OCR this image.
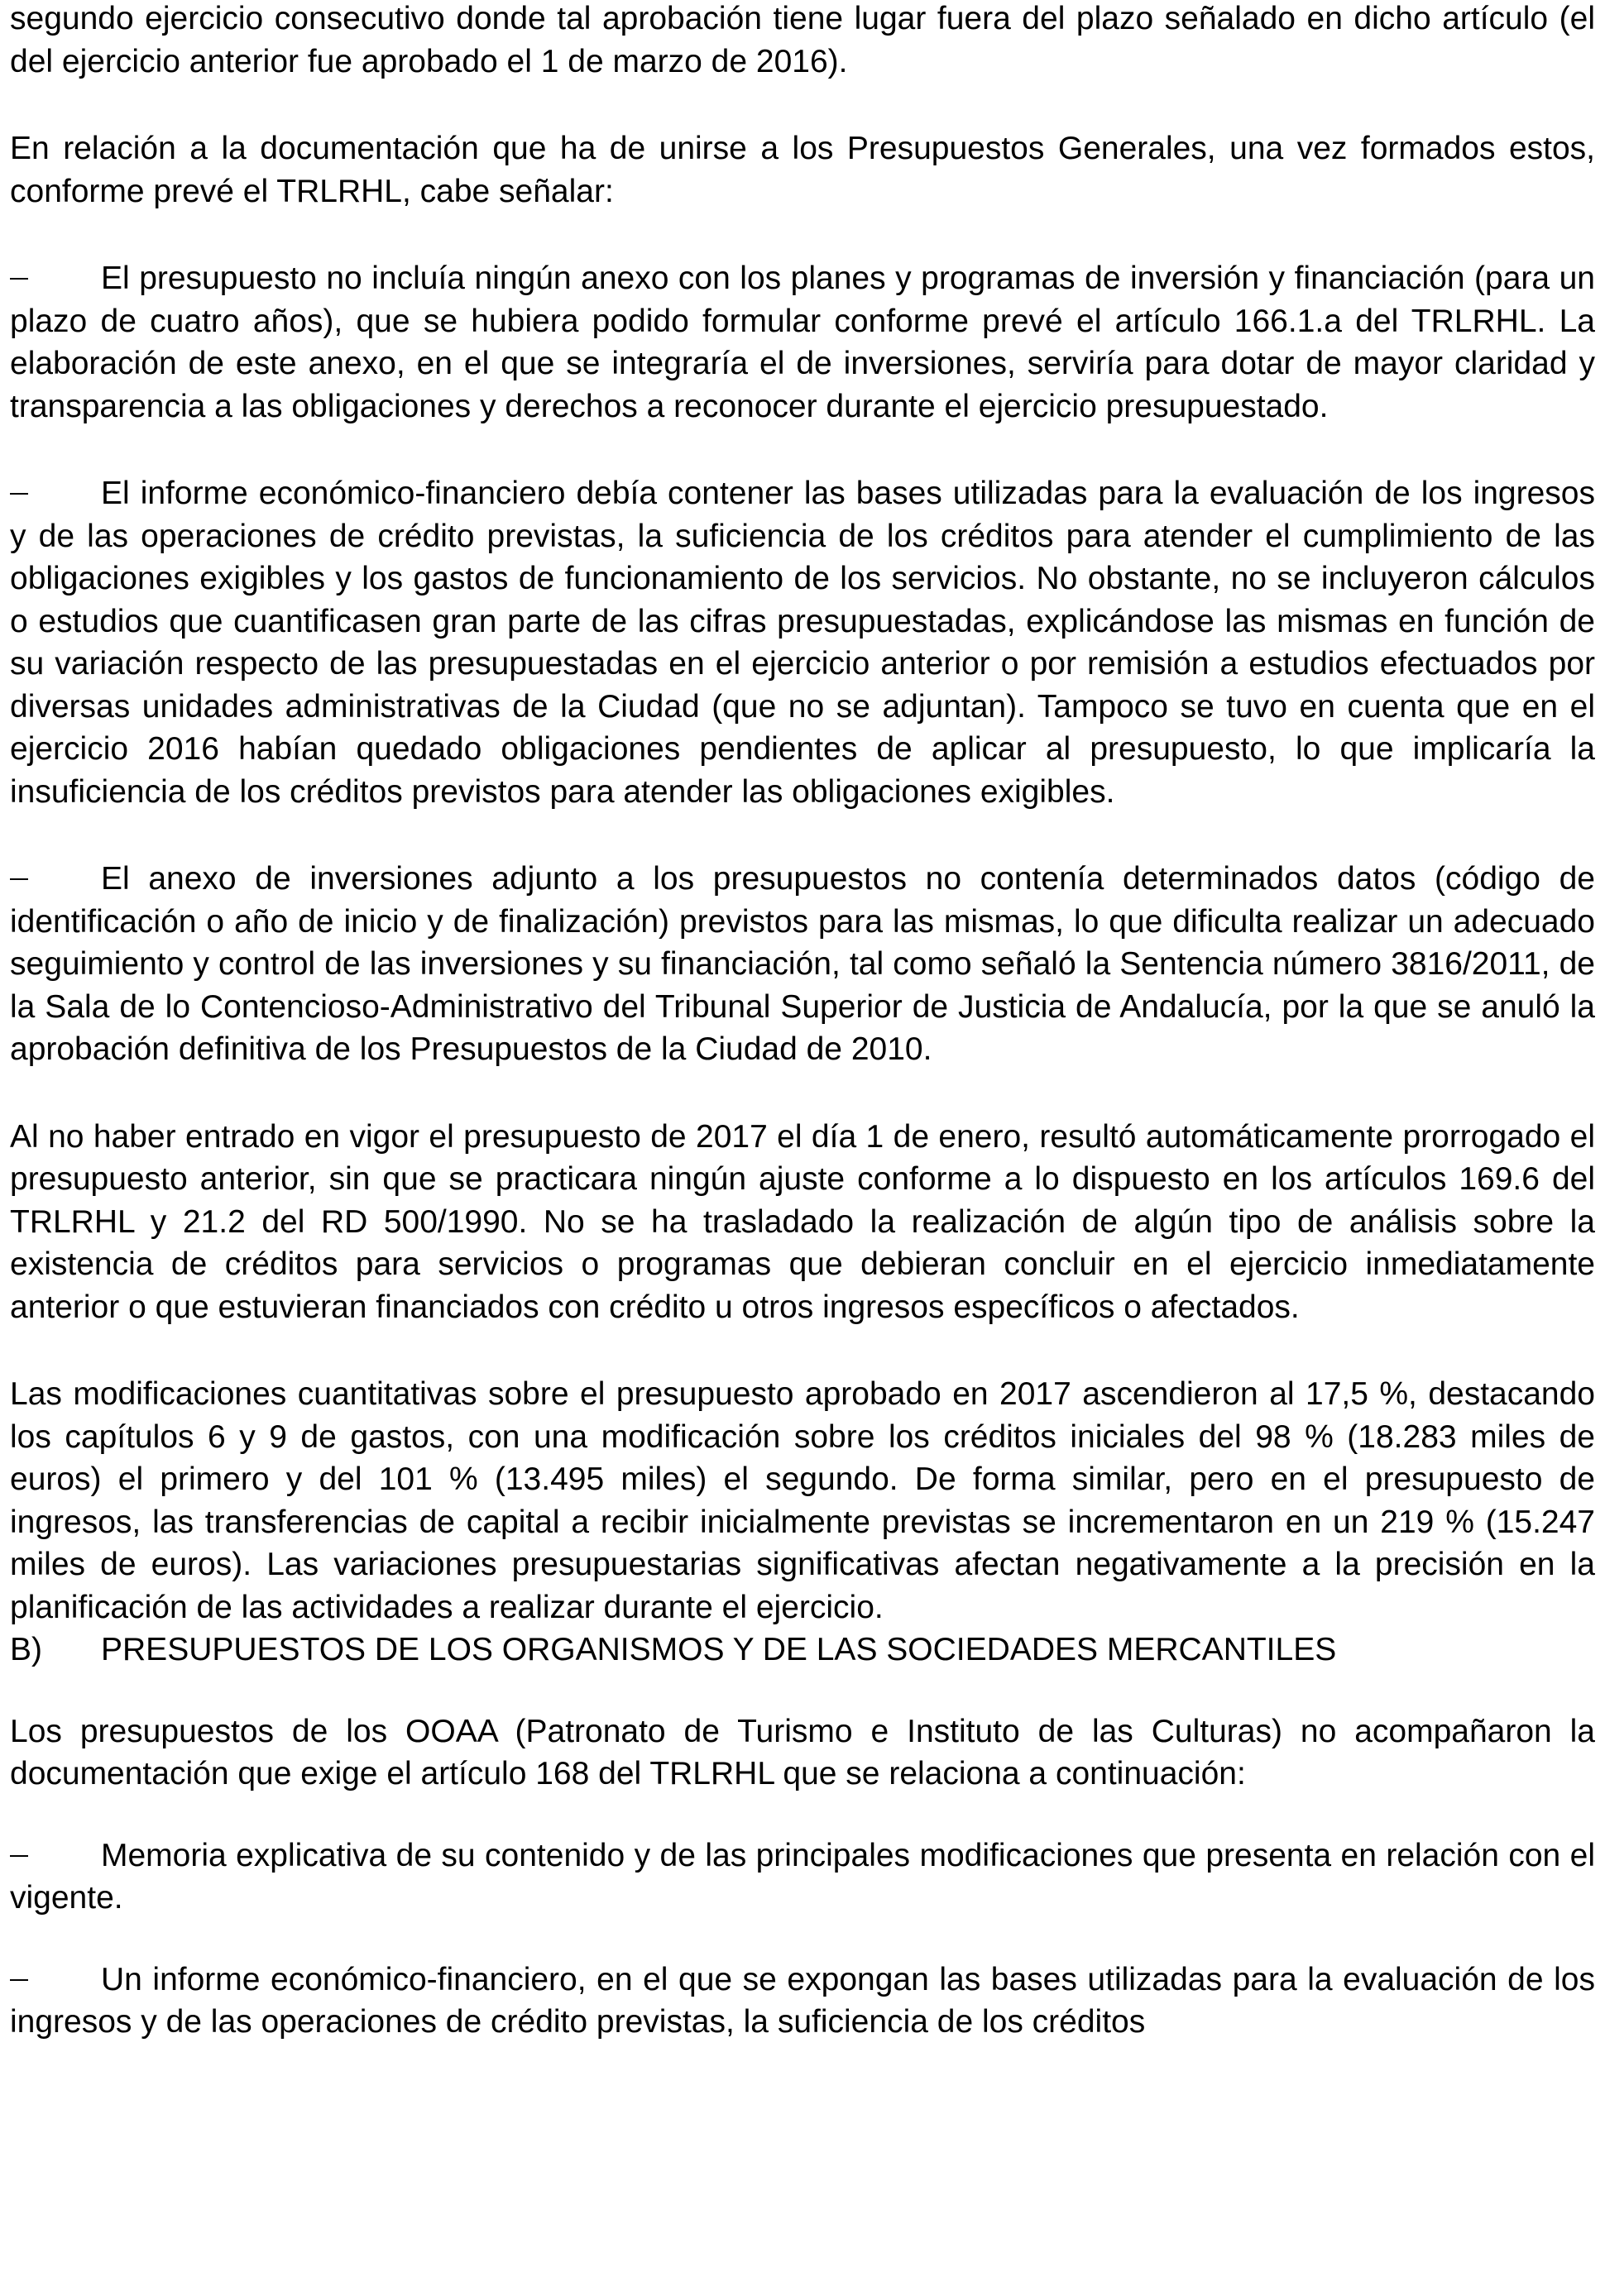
segundo ejercicio consecutivo donde tal aprobación tiene lugar fuera del plazo señalado en dicho artículo (el del ejercicio anterior fue aprobado el 1 de marzo de 2016).

En relación a la documentación que ha de unirse a los Presupuestos Generales, una vez formados estos, conforme prevé el TRLRHL, cabe señalar:

El presupuesto no incluía ningún anexo con los planes y programas de inversión y financiación (para un plazo de cuatro años), que se hubiera podido formular conforme prevé el artículo 166.1.a del TRLRHL. La elaboración de este anexo, en el que se integraría el de inversiones, serviría para dotar de mayor claridad y transparencia a las obligaciones y derechos a reconocer durante el ejercicio presupuestado.

El informe económico-financiero debía contener las bases utilizadas para la evaluación de los ingresos y de las operaciones de crédito previstas, la suficiencia de los créditos para atender el cumplimiento de las obligaciones exigibles y los gastos de funcionamiento de los servicios. No obstante, no se incluyeron cálculos o estudios que cuantificasen gran parte de las cifras presupuestadas, explicándose las mismas en función de su variación respecto de las presupuestadas en el ejercicio anterior o por remisión a estudios efectuados por diversas unidades administrativas de la Ciudad (que no se adjuntan). Tampoco se tuvo en cuenta que en el ejercicio 2016 habían quedado obligaciones pendientes de aplicar al presupuesto, lo que implicaría la insuficiencia de los créditos previstos para atender las obligaciones exigibles.

El anexo de inversiones adjunto a los presupuestos no contenía determinados datos (código de identificación o año de inicio y de finalización) previstos para las mismas, lo que dificulta realizar un adecuado seguimiento y control de las inversiones y su financiación, tal como señaló la Sentencia número 3816/2011, de la Sala de lo Contencioso-Administrativo del Tribunal Superior de Justicia de Andalucía, por la que se anuló la aprobación definitiva de los Presupuestos de la Ciudad de 2010.

Al no haber entrado en vigor el presupuesto de 2017 el día 1 de enero, resultó automáticamente prorrogado el presupuesto anterior, sin que se practicara ningún ajuste conforme a lo dispuesto en los artículos 169.6 del TRLRHL y 21.2 del RD 500/1990. No se ha trasladado la realización de algún tipo de análisis sobre la existencia de créditos para servicios o programas que debieran concluir en el ejercicio inmediatamente anterior o que estuvieran financiados con crédito u otros ingresos específicos o afectados.

Las modificaciones cuantitativas sobre el presupuesto aprobado en 2017 ascendieron al 17,5 %, destacando los capítulos 6 y 9 de gastos, con una modificación sobre los créditos iniciales del 98 % (18.283 miles de euros) el primero y del 101 % (13.495 miles) el segundo. De forma similar, pero en el presupuesto de ingresos, las transferencias de capital a recibir inicialmente previstas se incrementaron en un 219 % (15.247 miles de euros). Las variaciones presupuestarias significativas afectan negativamente a la precisión en la planificación de las actividades a realizar durante el ejercicio.

B)	PRESUPUESTOS DE LOS ORGANISMOS Y DE LAS SOCIEDADES MERCANTILES

Los presupuestos de los OOAA (Patronato de Turismo e Instituto de las Culturas) no acompañaron la documentación que exige el artículo 168 del TRLRHL que se relaciona a continuación:

Memoria explicativa de su contenido y de las principales modificaciones que presenta en relación con el vigente.

Un informe económico-financiero, en el que se expongan las bases utilizadas para la evaluación de los ingresos y de las operaciones de crédito previstas, la suficiencia de los créditos
